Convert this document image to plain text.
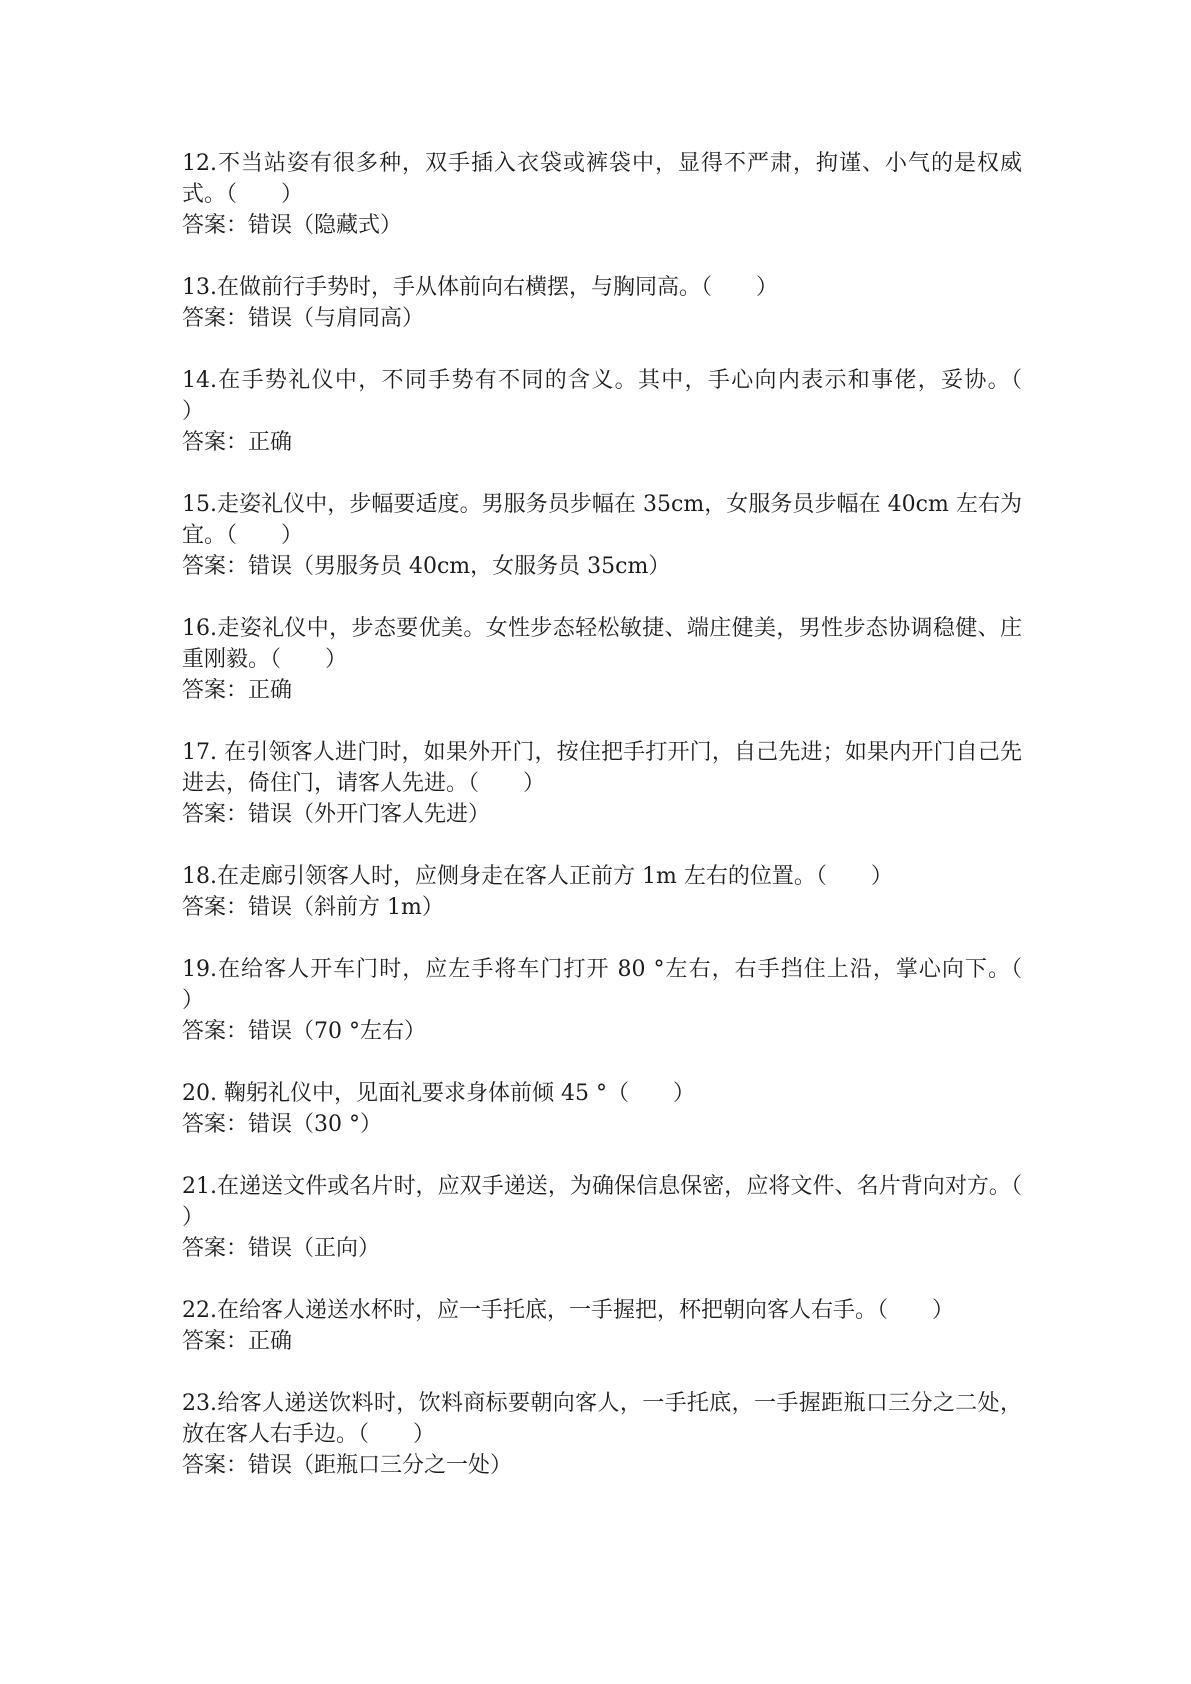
12.不当站姿有很多种，双手插入衣袋或裤袋中，显得不严肃，拘谨、小气的是权威式。（　　）

答案：错误（隐藏式）

13.在做前行手势时，手从体前向右横摆，与胸同高。（　　）

答案：错误（与肩同高）

14.在手势礼仪中，不同手势有不同的含义。其中，手心向内表示和事佬，妥协。（　　）

答案：正确

15.走姿礼仪中，步幅要适度。男服务员步幅在 35cm，女服务员步幅在 40cm 左右为宜。（　　）

答案：错误（男服务员 40cm，女服务员 35cm）

16.走姿礼仪中，步态要优美。女性步态轻松敏捷、端庄健美，男性步态协调稳健、庄重刚毅。（　　）

答案：正确

17. 在引领客人进门时，如果外开门，按住把手打开门，自己先进；如果内开门自己先进去，倚住门，请客人先进。（　　）

答案：错误（外开门客人先进）

18.在走廊引领客人时，应侧身走在客人正前方 1m 左右的位置。（　　）

答案：错误（斜前方 1m）

19.在给客人开车门时，应左手将车门打开 80 °左右，右手挡住上沿，掌心向下。（　　）

答案：错误（70 °左右）

20. 鞠躬礼仪中，见面礼要求身体前倾 45 °（　　）

答案：错误（30 °）

21.在递送文件或名片时，应双手递送，为确保信息保密，应将文件、名片背向对方。（　　）

答案：错误（正向）

22.在给客人递送水杯时，应一手托底，一手握把，杯把朝向客人右手。（　　）

答案：正确

23.给客人递送饮料时，饮料商标要朝向客人，一手托底，一手握距瓶口三分之二处，放在客人右手边。（　　）

答案：错误（距瓶口三分之一处）
